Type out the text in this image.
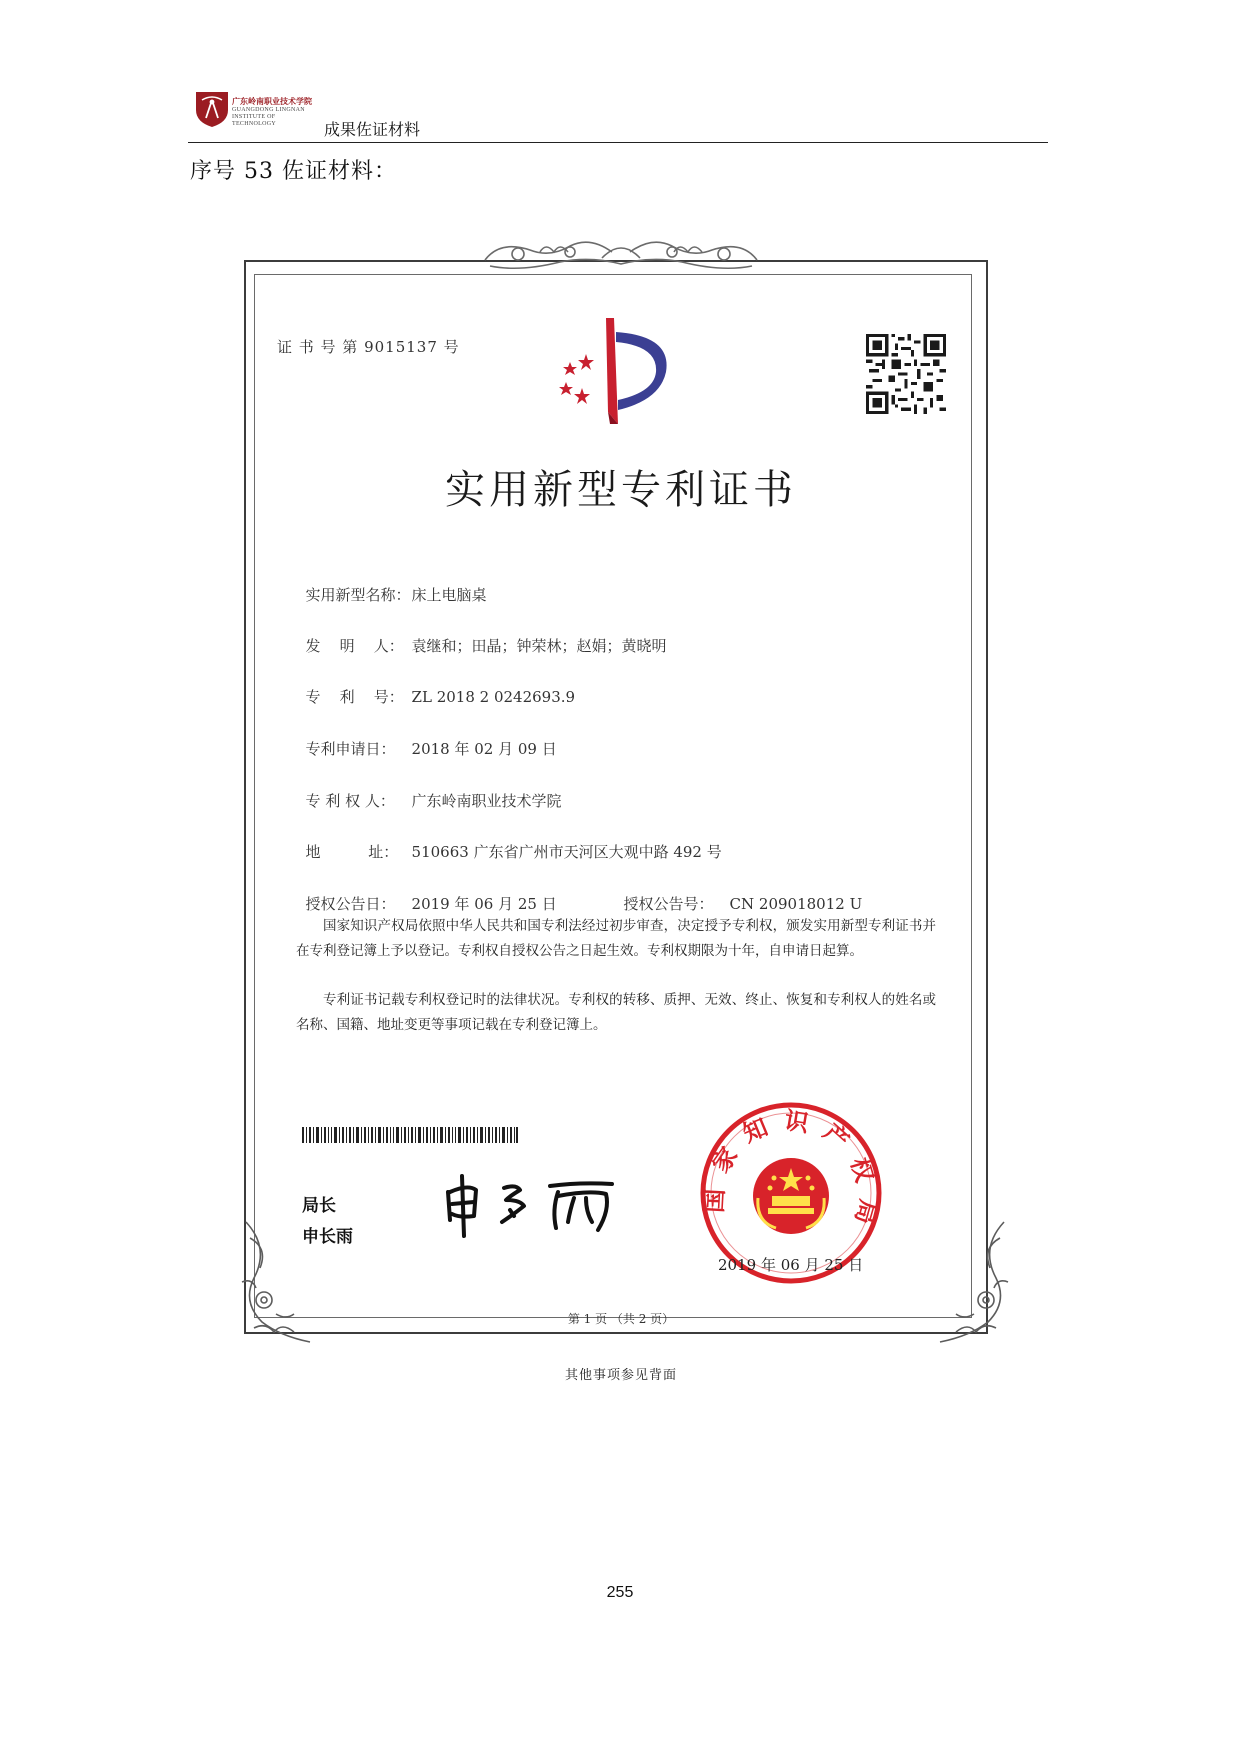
广东岭南职业技术学院
GUANGDONG LINGNAN INSTITUTE OF TECHNOLOGY	成果佐证材料
序号 53 佐证材料：
证 书 号 第 9015137 号
实用新型专利证书

实用新型名称：床上电脑桌

发    明    人： 袁继和；田晶；钟荣林；赵娟；黄晓明

专    利    号： ZL 2018 2 0242693.9

专利申请日： 2018 年 02 月 09 日

专 利 权 人： 广东岭南职业技术学院

地          址： 510663 广东省广州市天河区大观中路 492 号

授权公告日： 2019 年 06 月 25 日	授权公告号： CN 209018012 U

国家知识产权局依照中华人民共和国专利法经过初步审查，决定授予专利权，颁发实用新型专利证书并在专利登记簿上予以登记。专利权自授权公告之日起生效。专利权期限为十年，自申请日起算。
专利证书记载专利权登记时的法律状况。专利权的转移、质押、无效、终止、恢复和专利权人的姓名或名称、国籍、地址变更等事项记载在专利登记簿上。
局长
申长雨
国家知识产权局
2019 年 06 月 25 日
第 1 页 （共 2 页）
其他事项参见背面
255
